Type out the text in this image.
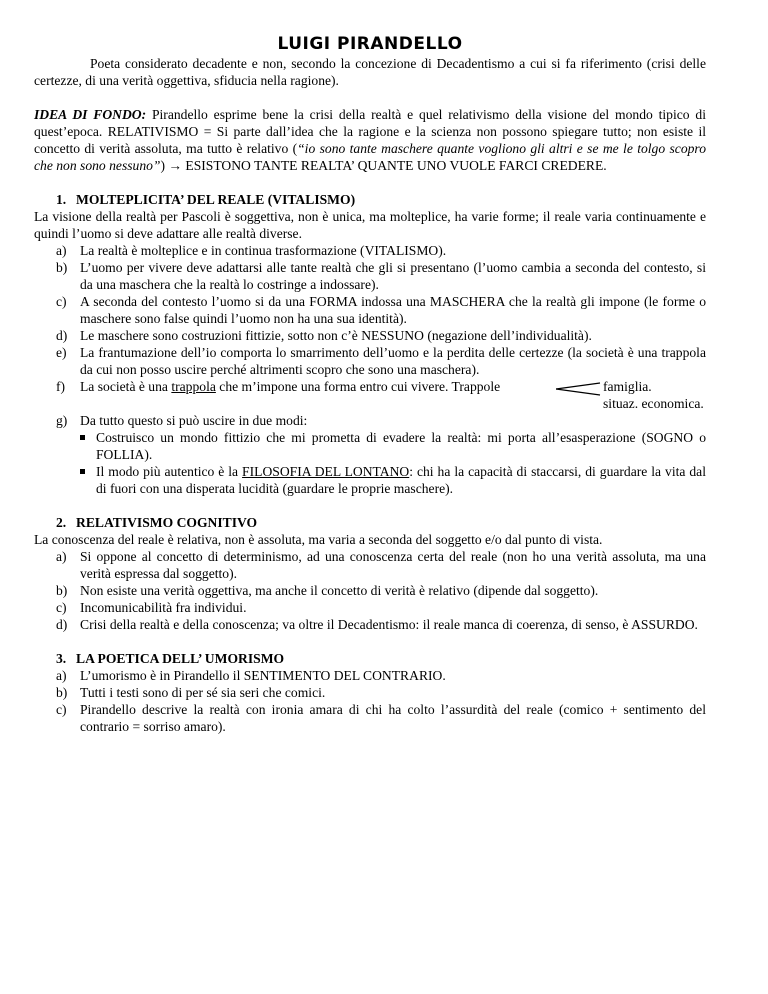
LUIGI PIRANDELLO

Poeta considerato decadente e non, secondo la concezione di Decadentismo a cui si fa riferimento (crisi delle certezze, di una verità oggettiva, sfiducia nella ragione).

IDEA DI FONDO: Pirandello esprime bene la crisi della realtà e quel relativismo della visione del mondo tipico di quest’epoca. RELATIVISMO = Si parte dall’idea che la ragione e la scienza non possono spiegare tutto; non esiste il concetto di verità assoluta, ma tutto è relativo (“io sono tante maschere quante vogliono gli altri e se me le tolgo scopro che non sono nessuno”) → ESISTONO TANTE REALTA’ QUANTE UNO VUOLE FARCI CREDERE.

1. MOLTEPLICITA’ DEL REALE (VITALISMO)

La visione della realtà per Pascoli è soggettiva, non è unica, ma molteplice, ha varie forme; il reale varia continuamente e quindi l’uomo si deve adattare alle realtà diverse.

a) La realtà è molteplice e in continua trasformazione (VITALISMO).
b) L’uomo per vivere deve adattarsi alle tante realtà che gli si presentano (l’uomo cambia a seconda del contesto, si da una maschera che la realtà lo costringe a indossare).
c) A seconda del contesto l’uomo si da una FORMA indossa una MASCHERA che la realtà gli impone (le forme o maschere sono false quindi l’uomo non ha una sua identità).
d) Le maschere sono costruzioni fittizie, sotto non c’è NESSUNO (negazione dell’individualità).
e) La frantumazione dell’io comporta lo smarrimento dell’uomo e la perdita delle certezze (la società è una trappola da cui non posso uscire perché altrimenti scopro che sono una maschera).
f) La società è una trappola che m’impone una forma entro cui vivere. Trappole	famiglia.
situaz. economica.
g) Da tutto questo si può uscire in due modi:
Costruisco un mondo fittizio che mi prometta di evadere la realtà: mi porta all’esasperazione (SOGNO o FOLLIA).
Il modo più autentico è la FILOSOFIA DEL LONTANO: chi ha la capacità di staccarsi, di guardare la vita dal di fuori con una disperata lucidità (guardare le proprie maschere).
2. RELATIVISMO COGNITIVO

La conoscenza del reale è relativa, non è assoluta, ma varia a seconda del soggetto e/o dal punto di vista.

a) Si oppone al concetto di determinismo, ad una conoscenza certa del reale (non ho una verità assoluta, ma una verità espressa dal soggetto).
b) Non esiste una verità oggettiva, ma anche il concetto di verità è relativo (dipende dal soggetto).
c) Incomunicabilità fra individui.
d) Crisi della realtà e della conoscenza; va oltre il Decadentismo: il reale manca di coerenza, di senso, è ASSURDO.
3. LA POETICA DELL’ UMORISMO
a) L’umorismo è in Pirandello il SENTIMENTO DEL CONTRARIO.
b) Tutti i testi sono di per sé sia seri che comici.
c) Pirandello descrive la realtà con ironia amara di chi ha colto l’assurdità del reale (comico + sentimento del contrario = sorriso amaro).
